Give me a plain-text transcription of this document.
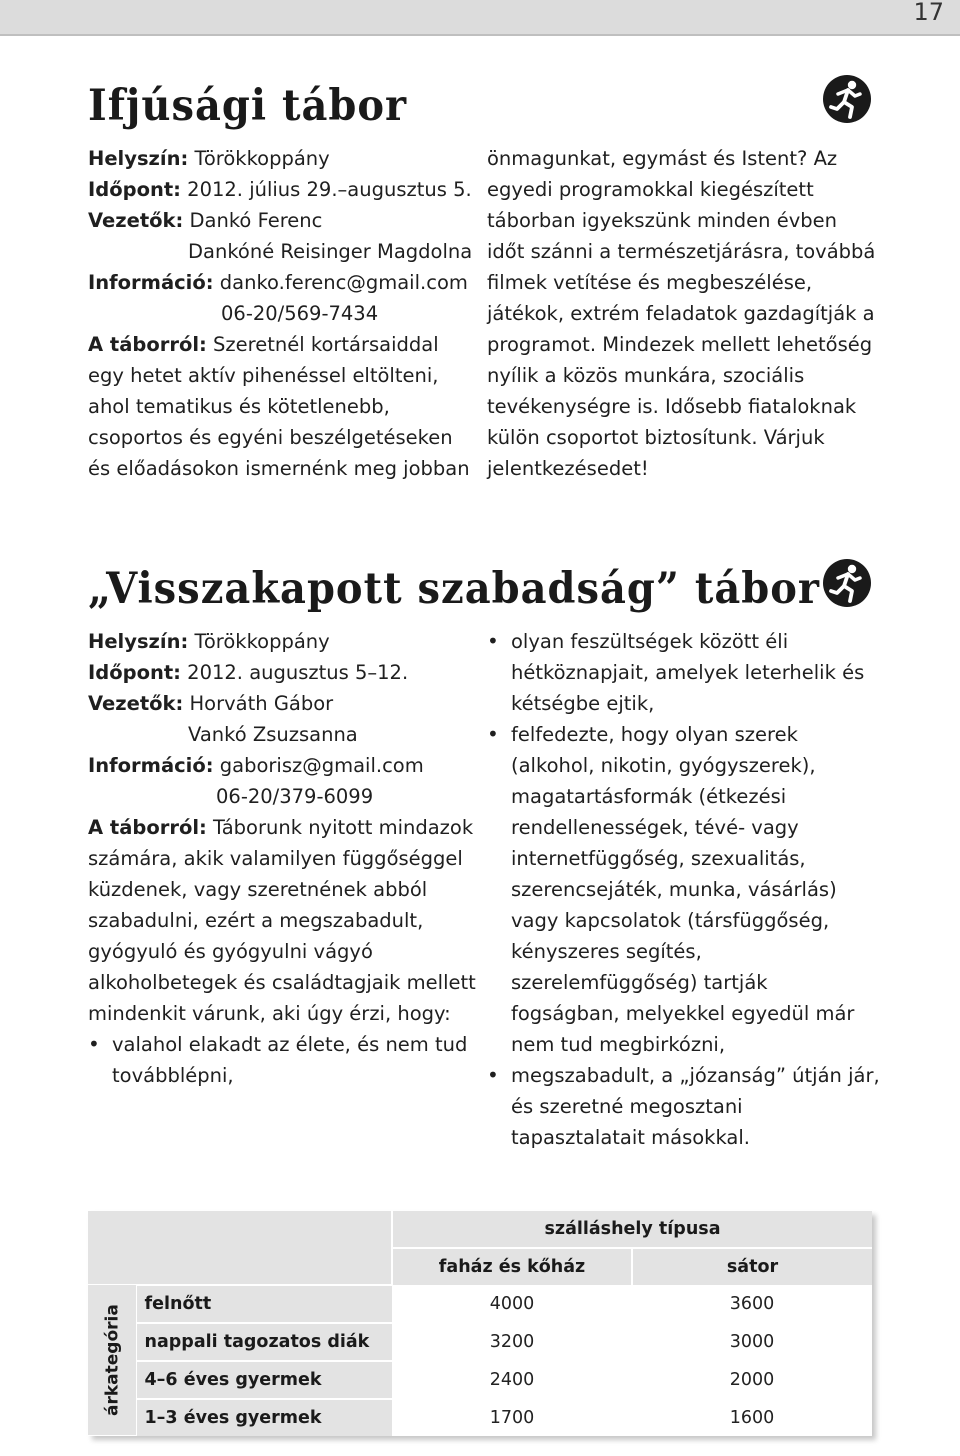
17
Ifjúsági tábor

Helyszín: Törökkoppány

Időpont: 2012. július 29.–augusztus 5.

Vezetők: Dankó Ferenc

Dankóné Reisinger Magdolna

Információ: danko.ferenc@gmail.com

06-20/569-7434

A táborról: Szeretnél kortársaiddal egy hetet aktív pihenéssel eltölteni, ahol tematikus és kötetlenebb, csoportos és egyéni beszélgetéseken és előadásokon ismernénk meg jobban

önmagunkat, egymást és Istent? Az egyedi programokkal kiegészített táborban igyekszünk minden évben időt szánni a természetjárásra, továbbá filmek vetítése és megbeszélése, játékok, extrém feladatok gazdagítják a programot. Mindezek mellett lehetőség nyílik a közös munkára, szociális tevékenységre is. Idősebb fiataloknak külön csoportot biztosítunk. Várjuk jelentkezésedet!

„Visszakapott szabadság” tábor

Helyszín: Törökkoppány

Időpont: 2012. augusztus 5–12.

Vezetők: Horváth Gábor

Vankó Zsuzsanna

Információ: gaborisz@gmail.com

06-20/379-6099

A táborról: Táborunk nyitott mindazok számára, akik valamilyen függőséggel küzdenek, vagy szeretnének abból szabadulni, ezért a megszabadult, gyógyuló és gyógyulni vágyó alkoholbetegek és családtagjaik mellett mindenkit várunk, aki úgy érzi, hogy:

• valahol elakadt az élete, és nem tud továbblépni,
• olyan feszültségek között éli hétköznapjait, amelyek leterhelik és kétségbe ejtik,
• felfedezte, hogy olyan szerek (alkohol, nikotin, gyógyszerek), magatartásformák (étkezési rendellenességek, tévé- vagy internetfüggőség, szexualitás, szerencsejáték, munka, vásárlás) vagy kapcsolatok (társfüggőség, kényszeres segítés, szerelemfüggőség) tartják fogságban, melyekkel egyedül már nem tud megbirkózni,
• megszabadult, a „józanság” útján jár, és szeretné megosztani tapasztalatait másokkal.
		szálláshely típusa	
		faház és kőház	sátor
árkategória	felnőtt	4000	3600
	nappali tagozatos diák	3200	3000
	4–6 éves gyermek	2400	2000
	1–3 éves gyermek	1700	1600
